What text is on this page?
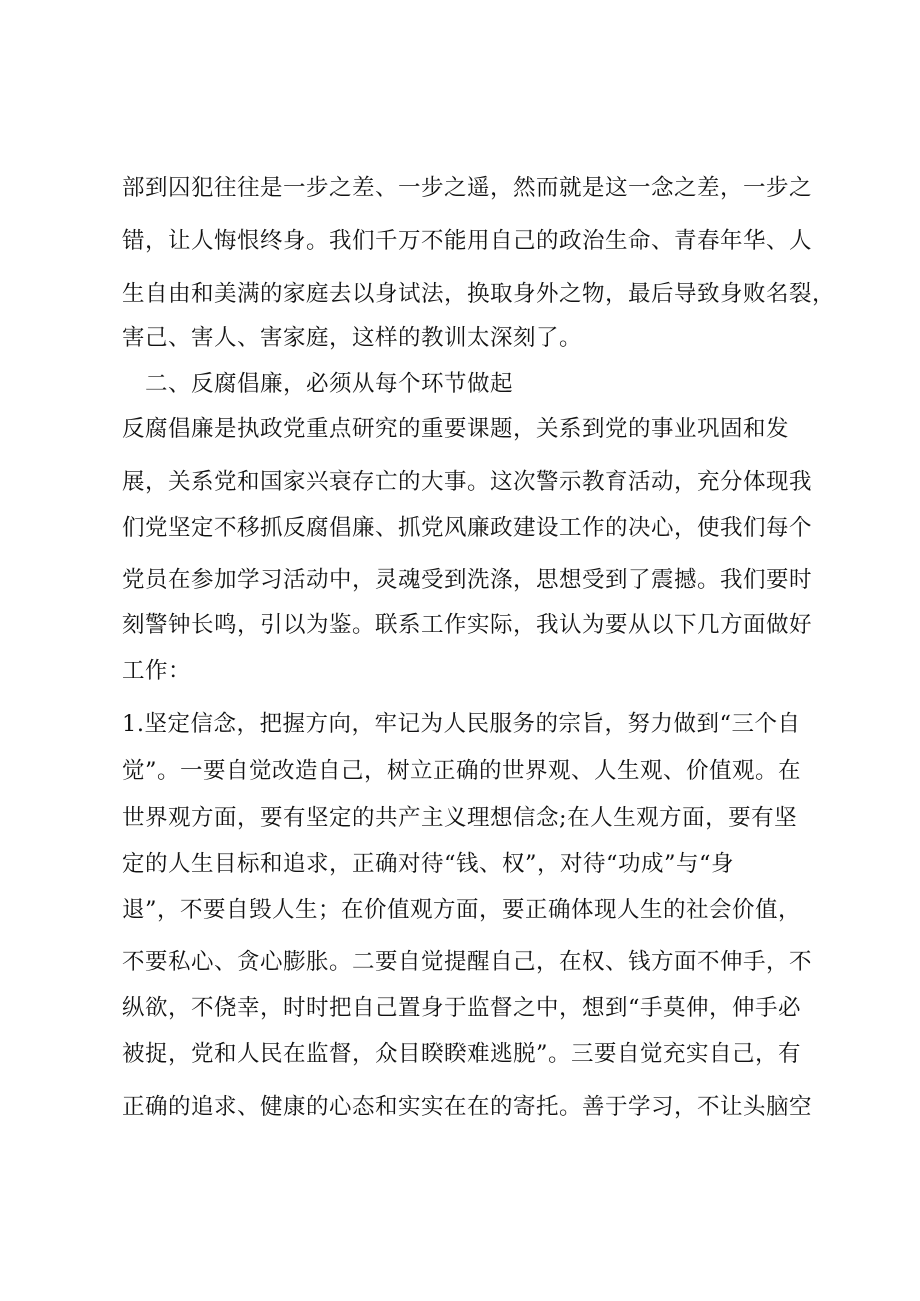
部到囚犯往往是一步之差、一步之遥，然而就是这一念之差，一步之
错，让人悔恨终身。我们千万不能用自己的政治生命、青春年华、人
生自由和美满的家庭去以身试法，换取身外之物，最后导致身败名裂，
害己、害人、害家庭，这样的教训太深刻了。
二、反腐倡廉，必须从每个环节做起
反腐倡廉是执政党重点研究的重要课题，关系到党的事业巩固和发
展，关系党和国家兴衰存亡的大事。这次警示教育活动，充分体现我
们党坚定不移抓反腐倡廉、抓党风廉政建设工作的决心，使我们每个
党员在参加学习活动中，灵魂受到洗涤，思想受到了震撼。我们要时
刻警钟长鸣，引以为鉴。联系工作实际，我认为要从以下几方面做好
工作：
1.坚定信念，把握方向，牢记为人民服务的宗旨，努力做到“三个自
觉”。一要自觉改造自己，树立正确的世界观、人生观、价值观。在
世界观方面，要有坚定的共产主义理想信念;在人生观方面，要有坚
定的人生目标和追求，正确对待“钱、权”，对待“功成”与“身
退”，不要自毁人生；在价值观方面，要正确体现人生的社会价值，
不要私心、贪心膨胀。二要自觉提醒自己，在权、钱方面不伸手，不
纵欲，不侥幸，时时把自己置身于监督之中，想到“手莫伸，伸手必
被捉，党和人民在监督，众目睽睽难逃脱”。三要自觉充实自己，有
正确的追求、健康的心态和实实在在的寄托。善于学习，不让头脑空
